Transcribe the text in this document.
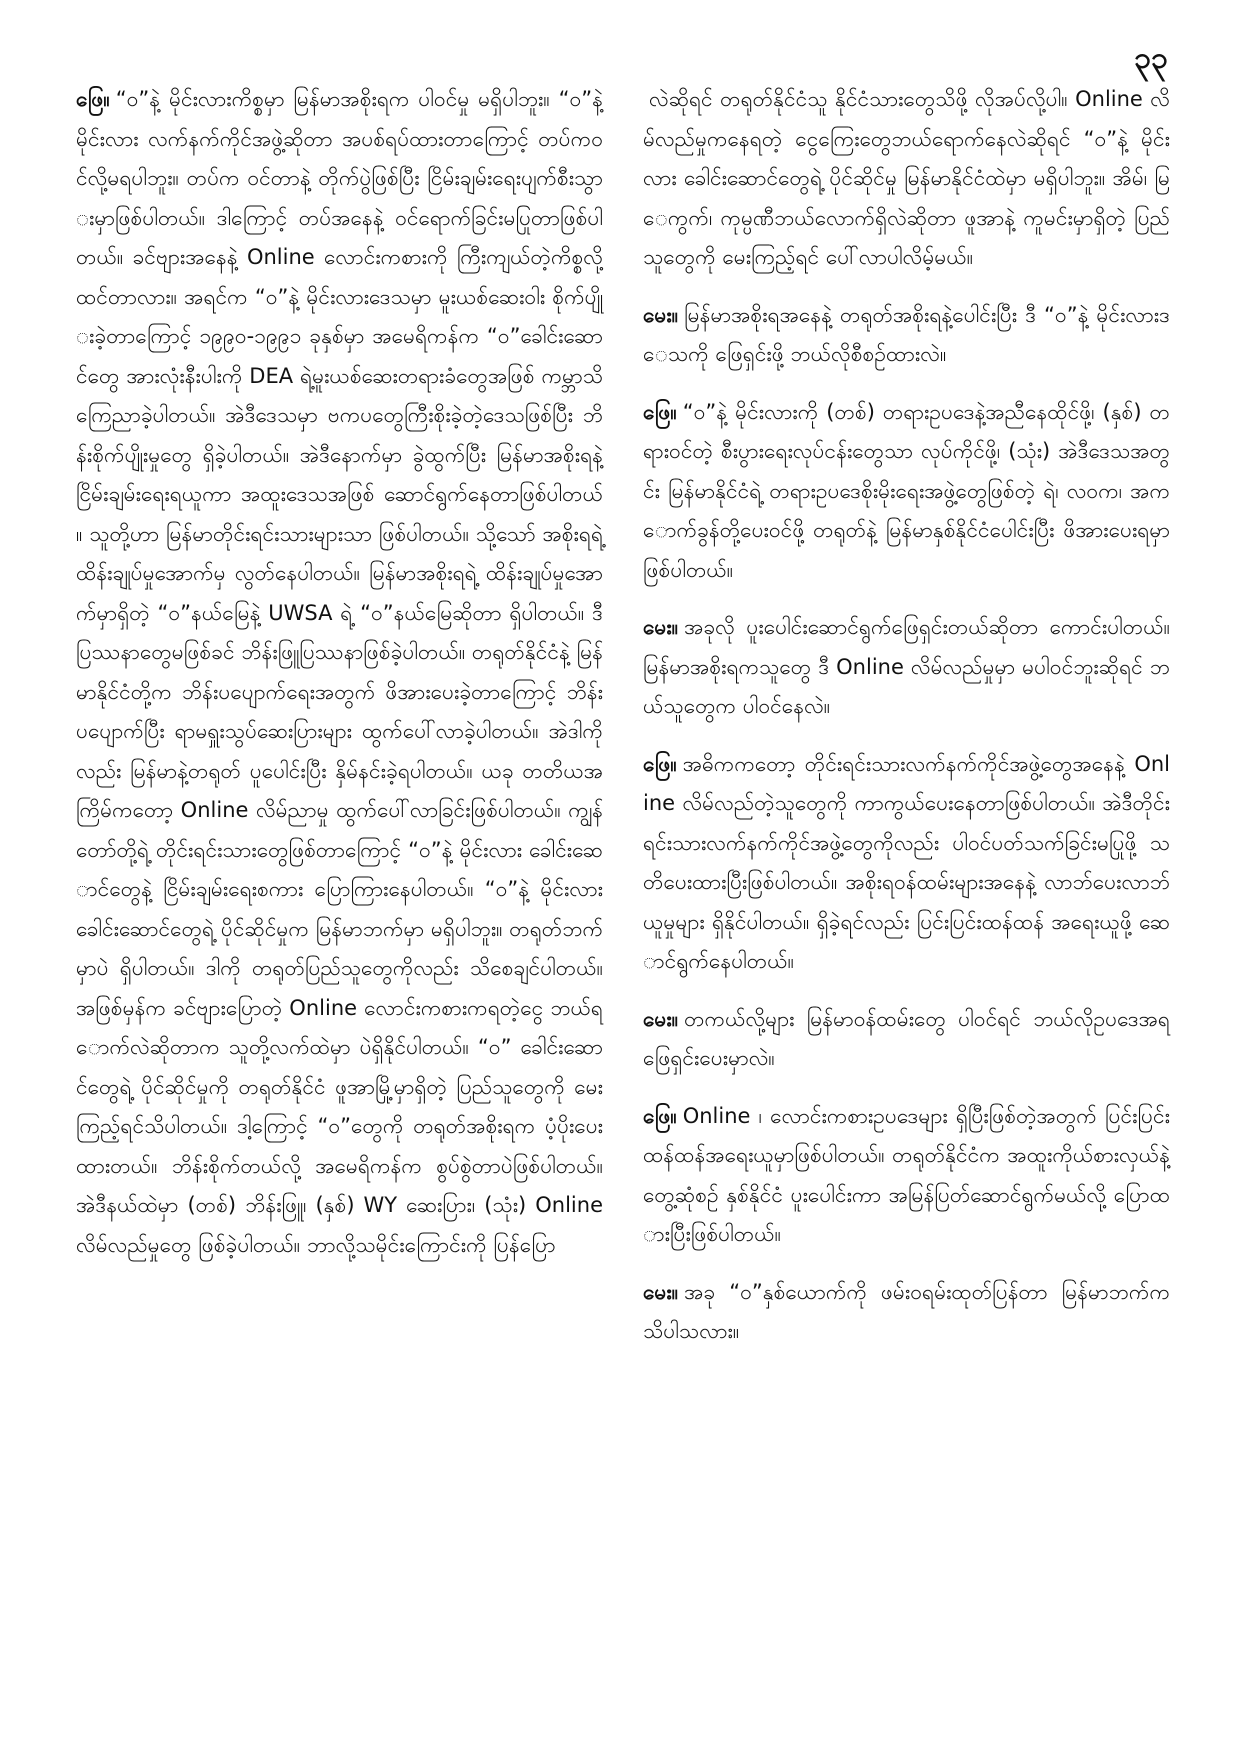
၃၃

ဖြေ။ “ဝ”နဲ့ မိုင်းလားကိစ္စမှာ မြန်မာအစိုးရက ပါဝင်မှု မရှိပါဘူး။ “ဝ”နဲ့ မိုင်းလား လက်နက်ကိုင်အဖွဲ့ဆိုတာ အပစ်ရပ်ထားတာကြောင့် တပ်ကဝင်လို့မရပါဘူး။ တပ်က ဝင်တာနဲ့ တိုက်ပွဲဖြစ်ပြီး ငြိမ်းချမ်းရေးပျက်စီးသွားမှာဖြစ်ပါတယ်။ ဒါကြောင့် တပ်အနေနဲ့ ဝင်ရောက်ခြင်းမပြုတာဖြစ်ပါတယ်။ ခင်ဗျားအနေနဲ့ Online လောင်းကစားကို ကြီးကျယ်တဲ့ကိစ္စလို့ထင်တာလား။ အရင်က “ဝ”နဲ့ မိုင်းလားဒေသမှာ မူးယစ်ဆေးဝါး စိုက်ပျိုးခဲ့တာကြောင့် ၁၉၉၀-၁၉၉၁ ခုနှစ်မှာ အမေရိကန်က “ဝ”ခေါင်းဆောင်တွေ အားလုံးနီးပါးကို DEA ရဲ့မူးယစ်ဆေးတရားခံတွေအဖြစ် ကမ္ဘာသိကြေညာခဲ့ပါတယ်။ အဲဒီဒေသမှာ ဗကပတွေကြီးစိုးခဲ့တဲ့ဒေသဖြစ်ပြီး ဘိန်းစိုက်ပျိုးမှုတွေ ရှိခဲ့ပါတယ်။ အဲဒီနောက်မှာ ခွဲထွက်ပြီး မြန်မာအစိုးရနဲ့ ငြိမ်းချမ်းရေးရယူကာ အထူးဒေသအဖြစ် ဆောင်ရွက်နေတာဖြစ်ပါတယ်။ သူတို့ဟာ မြန်မာတိုင်းရင်းသားများသာ ဖြစ်ပါတယ်။ သို့သော် အစိုးရရဲ့ ထိန်းချုပ်မှုအောက်မှ လွတ်နေပါတယ်။ မြန်မာအစိုးရရဲ့ ထိန်းချုပ်မှုအောက်မှာရှိတဲ့ “ဝ”နယ်မြေနဲ့ UWSA ရဲ့ “ဝ”နယ်မြေဆိုတာ ရှိပါတယ်။ ဒီပြဿနာတွေမဖြစ်ခင် ဘိန်းဖြူပြဿနာဖြစ်ခဲ့ပါတယ်။ တရုတ်နိုင်ငံနဲ့ မြန်မာနိုင်ငံတို့က ဘိန်းပပျောက်ရေးအတွက် ဖိအားပေးခဲ့တာကြောင့် ဘိန်းပပျောက်ပြီး ရာမရှူးသွပ်ဆေးပြားများ ထွက်ပေါ်လာခဲ့ပါတယ်။ အဲဒါကိုလည်း မြန်မာနဲ့တရုတ် ပူပေါင်းပြီး နှိမ်နင်းခဲ့ရပါတယ်။ ယခု တတိယအကြိမ်ကတော့ Online လိမ်ညာမှု ထွက်ပေါ်လာခြင်းဖြစ်ပါတယ်။ ကျွန်တော်တို့ရဲ့ တိုင်းရင်းသားတွေဖြစ်တာကြောင့် “ဝ”နဲ့ မိုင်းလား ခေါင်းဆောင်တွေနဲ့ ငြိမ်းချမ်းရေးစကား ပြောကြားနေပါတယ်။ “ဝ”နဲ့ မိုင်းလား ခေါင်းဆောင်တွေရဲ့ ပိုင်ဆိုင်မှုက မြန်မာဘက်မှာ မရှိပါဘူး။ တရုတ်ဘက်မှာပဲ ရှိပါတယ်။ ဒါကို တရုတ်ပြည်သူတွေကိုလည်း သိစေချင်ပါတယ်။ အဖြစ်မှန်က ခင်ဗျားပြောတဲ့ Online လောင်းကစားကရတဲ့ငွေ ဘယ်ရောက်လဲဆိုတာက သူတို့လက်ထဲမှာ ပဲရှိနိုင်ပါတယ်။ “ဝ” ခေါင်းဆောင်တွေရဲ့ ပိုင်ဆိုင်မှုကို တရုတ်နိုင်ငံ ဖူအာမြို့မှာရှိတဲ့ ပြည်သူတွေကို မေးကြည့်ရင်သိပါတယ်။ ဒါ့ကြောင့် “ဝ”တွေကို တရုတ်အစိုးရက ပံ့ပိုးပေးထားတယ်။ ဘိန်းစိုက်တယ်လို့ အမေရိကန်က စွပ်စွဲတာပဲဖြစ်ပါတယ်။ အဲဒီနယ်ထဲမှာ (တစ်) ဘိန်းဖြူ၊ (နှစ်) WY ဆေးပြား၊ (သုံး) Online လိမ်လည်မှုတွေ ဖြစ်ခဲ့ပါတယ်။ ဘာလို့သမိုင်းကြောင်းကို ပြန်ပြော

လဲဆိုရင် တရုတ်နိုင်ငံသူ နိုင်ငံသားတွေသိဖို့ လိုအပ်လို့ပါ။ Online လိမ်လည်မှုကနေရတဲ့ ငွေကြေးတွေဘယ်ရောက်နေလဲဆိုရင် “ဝ”နဲ့ မိုင်းလား ခေါင်းဆောင်တွေရဲ့ ပိုင်ဆိုင်မှု မြန်မာနိုင်ငံထဲမှာ မရှိပါဘူး။ အိမ်၊ မြေကွက်၊ ကုမ္ပဏီဘယ်လောက်ရှိလဲဆိုတာ ဖူအာနဲ့ ကူမင်းမှာရှိတဲ့ ပြည်သူတွေကို မေးကြည့်ရင် ပေါ်လာပါလိမ့်မယ်။

မေး။ မြန်မာအစိုးရအနေနဲ့ တရုတ်အစိုးရနဲ့ပေါင်းပြီး ဒီ “ဝ”နဲ့ မိုင်းလားဒေသကို ဖြေရှင်းဖို့ ဘယ်လိုစီစဉ်ထားလဲ။

ဖြေ။ “ဝ”နဲ့ မိုင်းလားကို (တစ်) တရားဥပဒေနဲ့အညီနေထိုင်ဖို့၊ (နှစ်) တရားဝင်တဲ့ စီးပွားရေးလုပ်ငန်းတွေသာ လုပ်ကိုင်ဖို့၊ (သုံး) အဲဒီဒေသအတွင်း မြန်မာနိုင်ငံရဲ့ တရားဥပဒေစိုးမိုးရေးအဖွဲ့တွေဖြစ်တဲ့ ရဲ၊ လဝက၊ အကောက်ခွန်တို့ပေးဝင်ဖို့ တရုတ်နဲ့ မြန်မာနှစ်နိုင်ငံပေါင်းပြီး ဖိအားပေးရမှာ ဖြစ်ပါတယ်။

မေး။ အခုလို ပူးပေါင်းဆောင်ရွက်ဖြေရှင်းတယ်ဆိုတာ ကောင်းပါတယ်။ မြန်မာအစိုးရကသူတွေ ဒီ Online လိမ်လည်မှုမှာ မပါဝင်ဘူးဆိုရင် ဘယ်သူတွေက ပါဝင်နေလဲ။

ဖြေ။ အဓိကကတော့ တိုင်းရင်းသားလက်နက်ကိုင်အဖွဲ့တွေအနေနဲ့ Online လိမ်လည်တဲ့သူတွေကို ကာကွယ်ပေးနေတာဖြစ်ပါတယ်။ အဲဒီတိုင်းရင်းသားလက်နက်ကိုင်အဖွဲ့တွေကိုလည်း ပါဝင်ပတ်သက်ခြင်းမပြုဖို့ သတိပေးထားပြီးဖြစ်ပါတယ်။ အစိုးရဝန်ထမ်းများအနေနဲ့ လာဘ်ပေးလာဘ်ယူမှုများ ရှိနိုင်ပါတယ်။ ရှိခဲ့ရင်လည်း ပြင်းပြင်းထန်ထန် အရေးယူဖို့ ဆောင်ရွက်နေပါတယ်။

မေး။ တကယ်လို့များ မြန်မာဝန်ထမ်းတွေ ပါဝင်ရင် ဘယ်လိုဥပဒေအရ ဖြေရှင်းပေးမှာလဲ။

ဖြေ။ Online ၊ လောင်းကစားဥပဒေများ ရှိပြီးဖြစ်တဲ့အတွက် ပြင်းပြင်းထန်ထန်အရေးယူမှာဖြစ်ပါတယ်။ တရုတ်နိုင်ငံက အထူးကိုယ်စားလှယ်နဲ့တွေ့ဆုံစဉ် နှစ်နိုင်ငံ ပူးပေါင်းကာ အမြန်ပြတ်ဆောင်ရွက်မယ်လို့ ပြောထားပြီးဖြစ်ပါတယ်။

မေး။ အခု “ဝ”နှစ်ယောက်ကို ဖမ်းဝရမ်းထုတ်ပြန်တာ မြန်မာဘက်က သိပါသလား။
